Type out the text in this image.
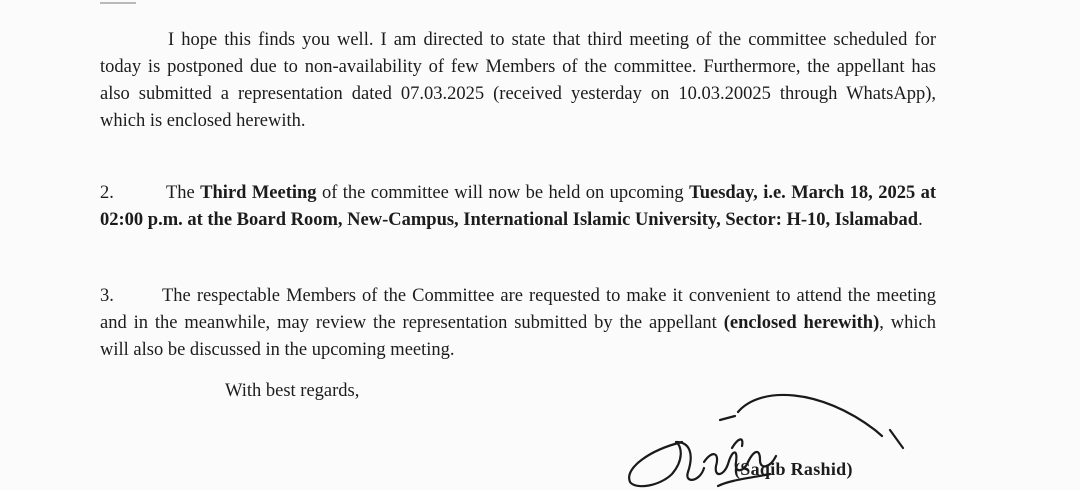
I hope this finds you well. I am directed to state that third meeting of the committee scheduled for today is postponed due to non-availability of few Members of the committee. Furthermore, the appellant has also submitted a representation dated 07.03.2025 (received yesterday on 10.03.20025 through WhatsApp), which is enclosed herewith.

2.	The Third Meeting of the committee will now be held on upcoming Tuesday, i.e. March 18, 2025 at 02:00 p.m. at the Board Room, New-Campus, International Islamic University, Sector: H-10, Islamabad.

3.	The respectable Members of the Committee are requested to make it convenient to attend the meeting and in the meanwhile, may review the representation submitted by the appellant (enclosed herewith), which will also be discussed in the upcoming meeting.

With best regards,

(Saqib Rashid)
